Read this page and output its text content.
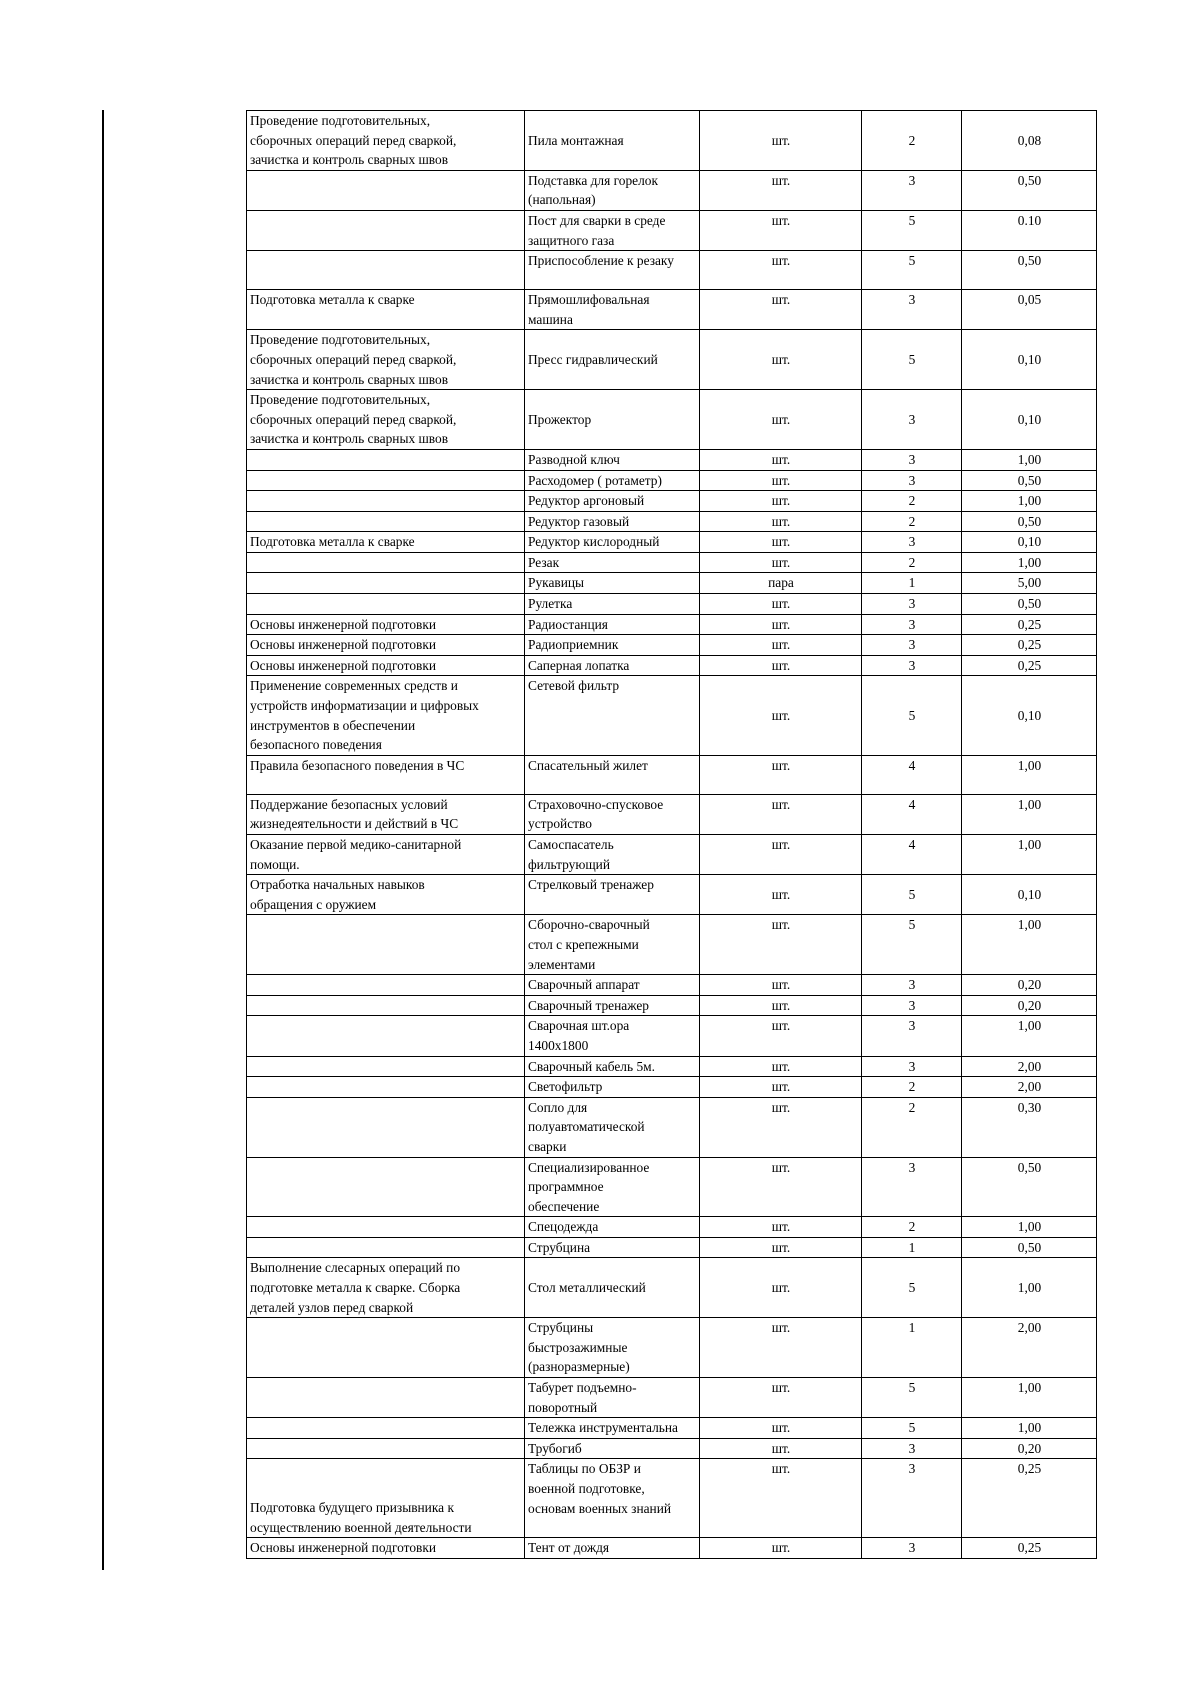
Проведение подготовительных,
сборочных операций перед сваркой,
зачистка и контроль сварных швов	Пила монтажная	шт.	2	0,08
	Подставка для горелок
(напольная)	шт.	3	0,50
	Пост для сварки в среде
защитного газа	шт.	5	0.10
	Приспособление к резаку	шт.	5	0,50
Подготовка металла к сварке	Прямошлифовальная
машина	шт.	3	0,05
Проведение подготовительных,
сборочных операций перед сваркой,
зачистка и контроль сварных швов	Пресс гидравлический	шт.	5	0,10
Проведение подготовительных,
сборочных операций перед сваркой,
зачистка и контроль сварных швов	Прожектор	шт.	3	0,10
	Разводной ключ	шт.	3	1,00
	Расходомер ( ротаметр)	шт.	3	0,50
	Редуктор аргоновый	шт.	2	1,00
	Редуктор газовый	шт.	2	0,50
Подготовка металла к сварке	Редуктор кислородный	шт.	3	0,10
	Резак	шт.	2	1,00
	Рукавицы	пара	1	5,00
	Рулетка	шт.	3	0,50
Основы инженерной подготовки	Радиостанция	шт.	3	0,25
Основы инженерной подготовки	Радиоприемник	шт.	3	0,25
Основы инженерной подготовки	Саперная лопатка	шт.	3	0,25
Применение современных средств и
устройств информатизации и цифровых
инструментов в обеспечении
безопасного поведения	Сетевой фильтр	шт.	5	0,10
Правила безопасного поведения в ЧС	Спасательный жилет	шт.	4	1,00
Поддержание безопасных условий
жизнедеятельности и действий в ЧС	Страховочно-спусковое
устройство	шт.	4	1,00
Оказание первой медико-санитарной
помощи.	Самоспасатель
фильтрующий	шт.	4	1,00
Отработка начальных навыков
обращения с оружием	Стрелковый тренажер	шт.	5	0,10
	Сборочно-сварочный
стол с крепежными
элементами	шт.	5	1,00
	Сварочный аппарат	шт.	3	0,20
	Сварочный тренажер	шт.	3	0,20
	Сварочная шт.ора
1400х1800	шт.	3	1,00
	Сварочный кабель 5м.	шт.	3	2,00
	Светофильтр	шт.	2	2,00
	Сопло для
полуавтоматической
сварки	шт.	2	0,30
	Специализированное
программное
обеспечение	шт.	3	0,50
	Спецодежда	шт.	2	1,00
	Струбцина	шт.	1	0,50
Выполнение слесарных операций по
подготовке металла к сварке. Сборка
деталей узлов перед сваркой	Стол металлический	шт.	5	1,00
	Струбцины
быстрозажимные
(разноразмерные)	шт.	1	2,00
	Табурет подъемно-
поворотный	шт.	5	1,00
	Тележка инструментальна	шт.	5	1,00
	Трубогиб	шт.	3	0,20
Подготовка будущего призывника к
осуществлению военной деятельности	Таблицы по ОБЗР и
военной подготовке,
основам военных знаний	шт.	3	0,25
Основы инженерной подготовки	Тент от дождя	шт.	3	0,25
